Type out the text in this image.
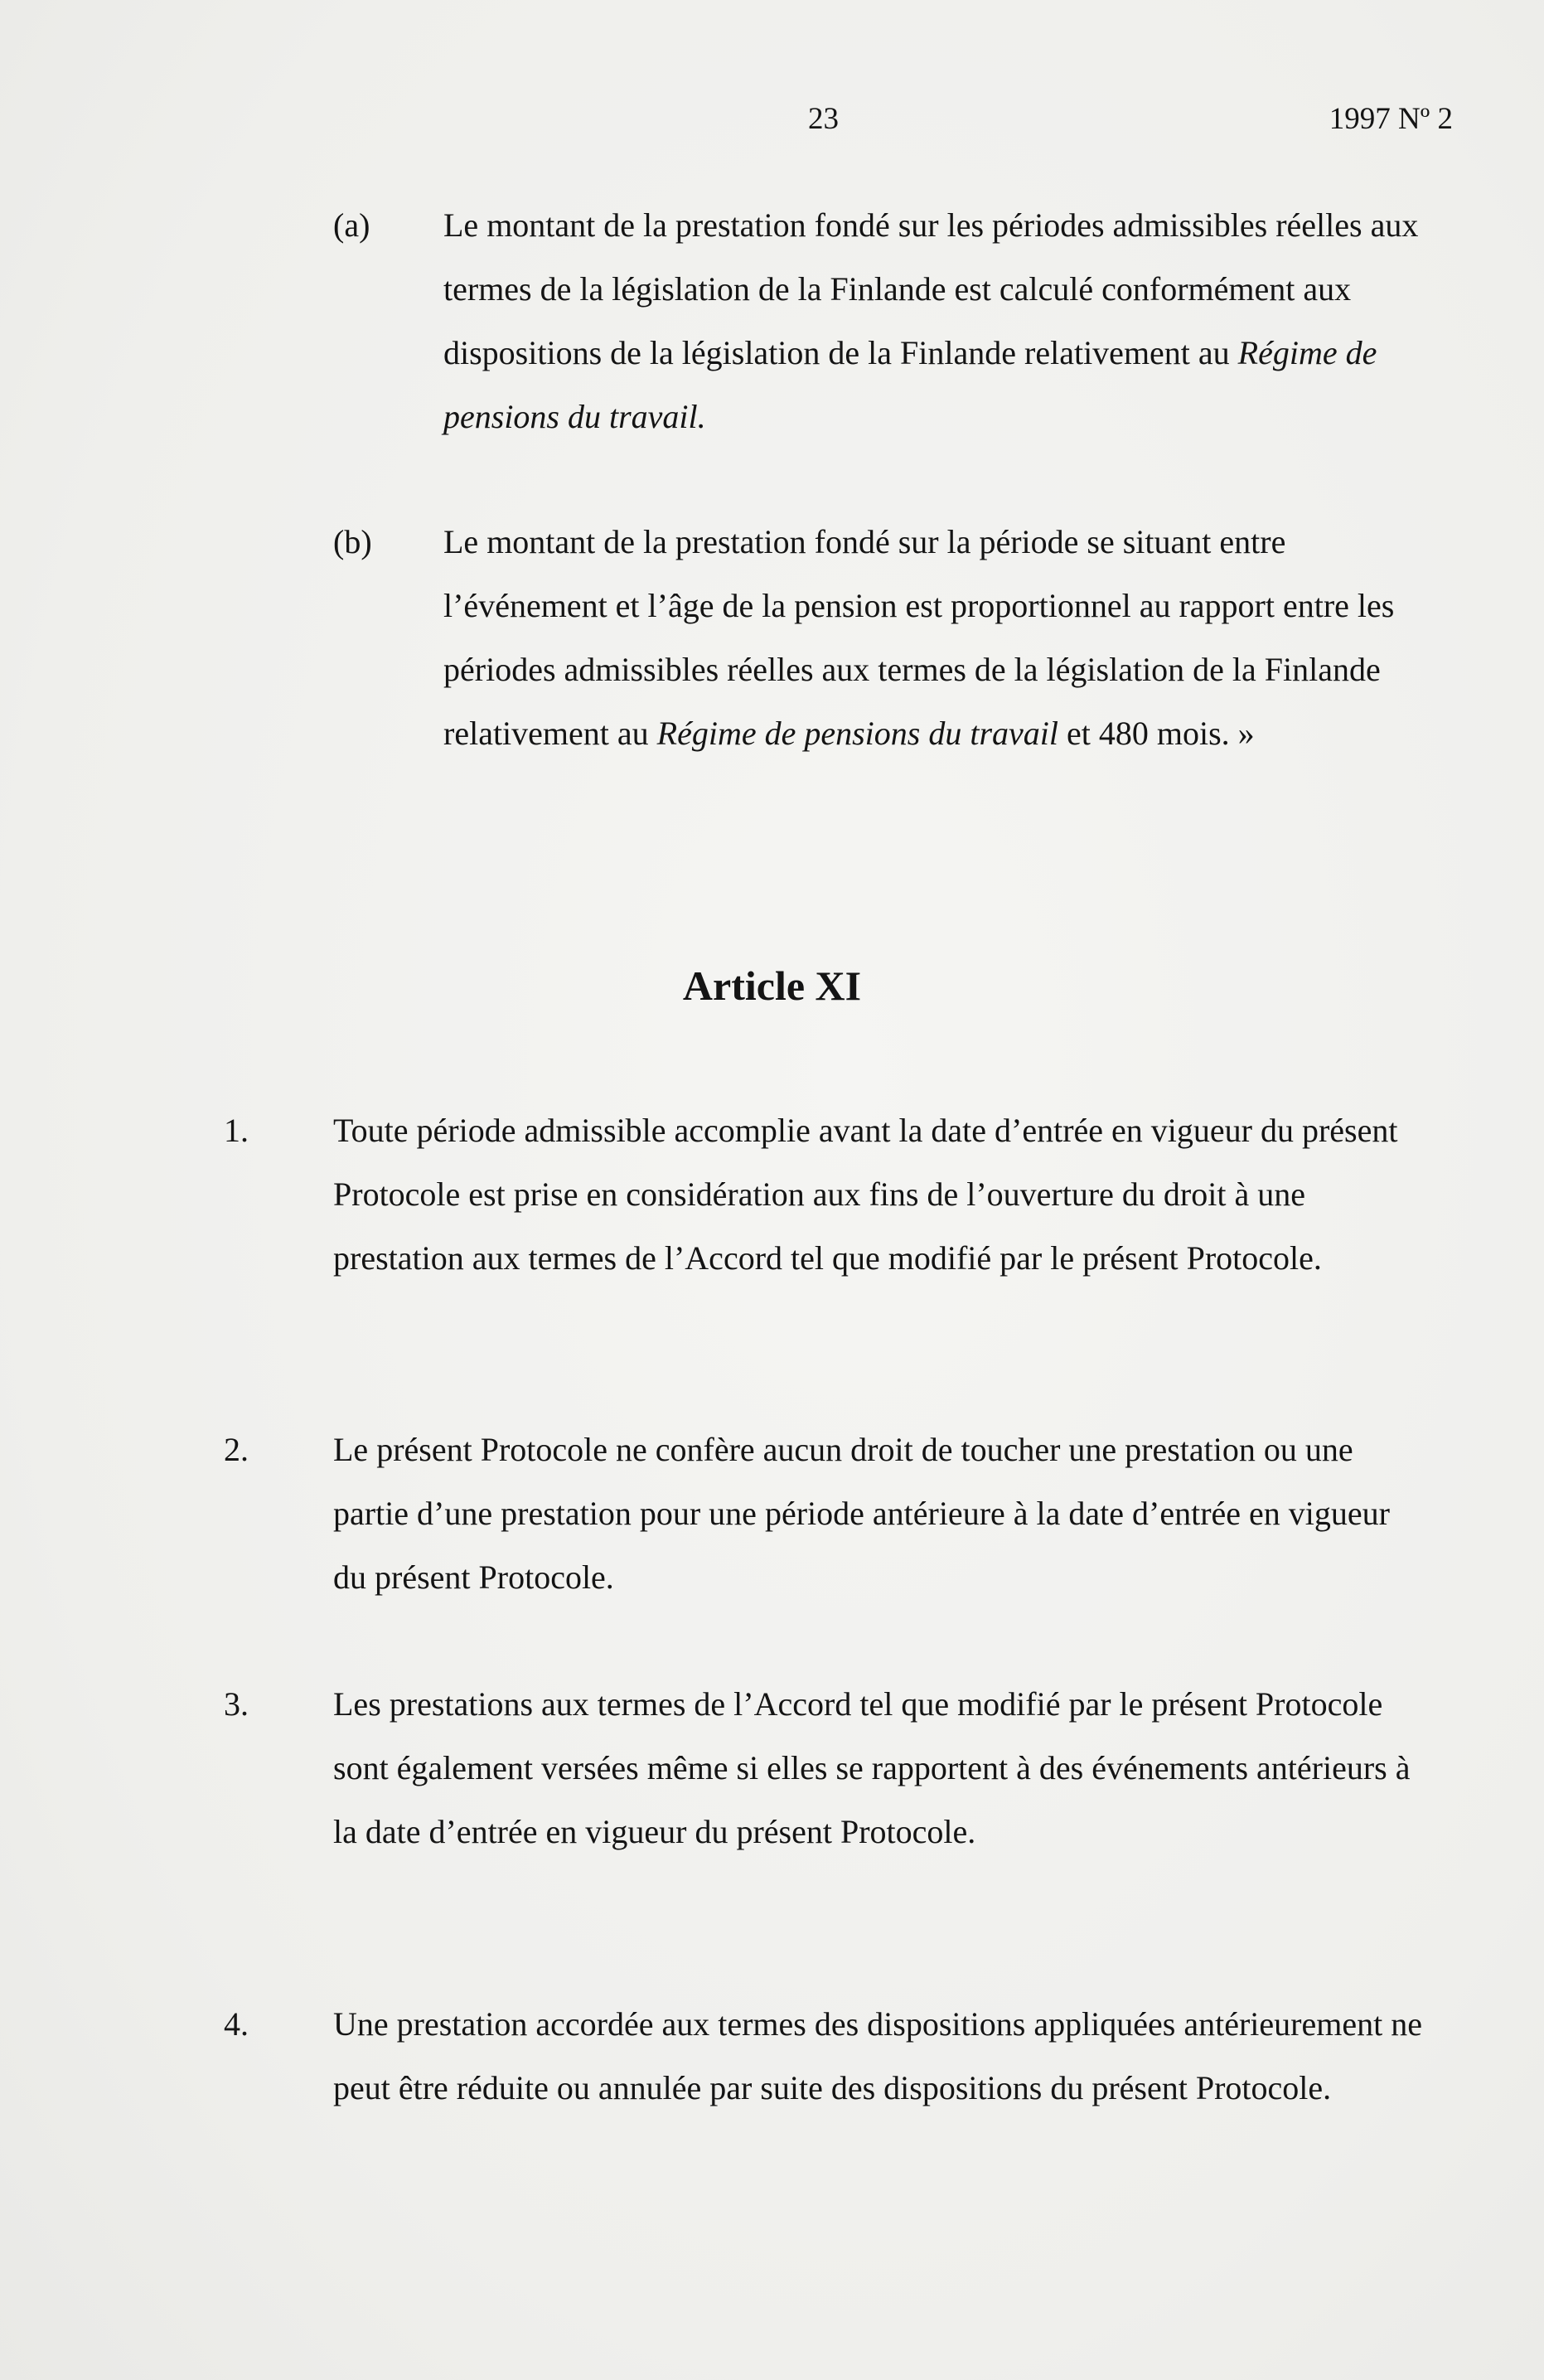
23	1997 Nº 2
(a) Le montant de la prestation fondé sur les périodes admissibles réelles aux termes de la législation de la Finlande est calculé conformément aux dispositions de la législation de la Finlande relativement au Régime de pensions du travail.
(b) Le montant de la prestation fondé sur la période se situant entre l’événement et l’âge de la pension est proportionnel au rapport entre les périodes admissibles réelles aux termes de la législation de la Finlande relativement au Régime de pensions du travail et 480 mois. »
Article XI
1.	Toute période admissible accomplie avant la date d’entrée en vigueur du présent Protocole est prise en considération aux fins de l’ouverture du droit à une prestation aux termes de l’Accord tel que modifié par le présent Protocole.
2.	Le présent Protocole ne confère aucun droit de toucher une prestation ou une partie d’une prestation pour une période antérieure à la date d’entrée en vigueur du présent Protocole.
3.	Les prestations aux termes de l’Accord tel que modifié par le présent Protocole sont également versées même si elles se rapportent à des événements antérieurs à la date d’entrée en vigueur du présent Protocole.
4.	Une prestation accordée aux termes des dispositions appliquées antérieurement ne peut être réduite ou annulée par suite des dispositions du présent Protocole.
